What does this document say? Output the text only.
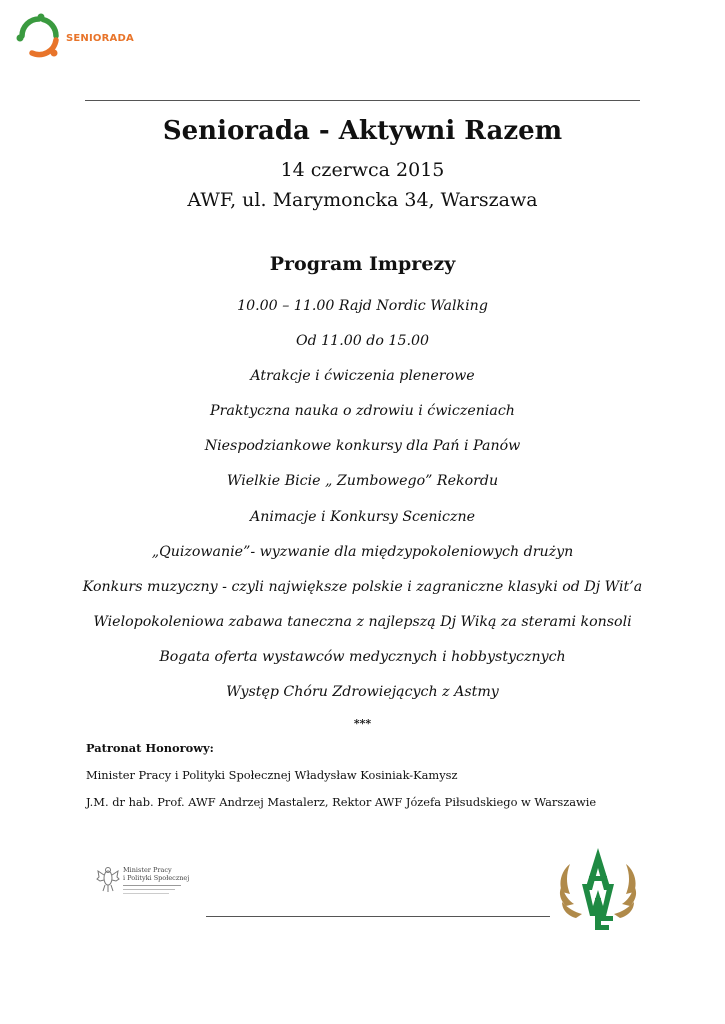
SENIORADA
Seniorada - Aktywni Razem
14 czerwca 2015
AWF, ul. Marymoncka 34, Warszawa
Program Imprezy
10.00 – 11.00 Rajd Nordic Walking
Od 11.00 do 15.00
Atrakcje i ćwiczenia plenerowe
Praktyczna nauka o zdrowiu i ćwiczeniach
Niespodziankowe konkursy dla Pań i Panów
Wielkie Bicie „ Zumbowego” Rekordu
Animacje i Konkursy Sceniczne
„Quizowanie”- wyzwanie dla międzypokoleniowych drużyn
Konkurs muzyczny - czyli największe polskie i zagraniczne klasyki od Dj Wit’a
Wielopokoleniowa zabawa taneczna z najlepszą Dj Wiką za sterami konsoli
Bogata oferta wystawców medycznych i hobbystycznych
Występ Chóru Zdrowiejących z Astmy
***
Patronat Honorowy:
Minister Pracy i Polityki Społecznej Władysław Kosiniak-Kamysz
J.M. dr hab. Prof. AWF Andrzej Mastalerz, Rektor AWF Józefa Piłsudskiego w Warszawie
Minister Pracy
i Polityki Społecznej
